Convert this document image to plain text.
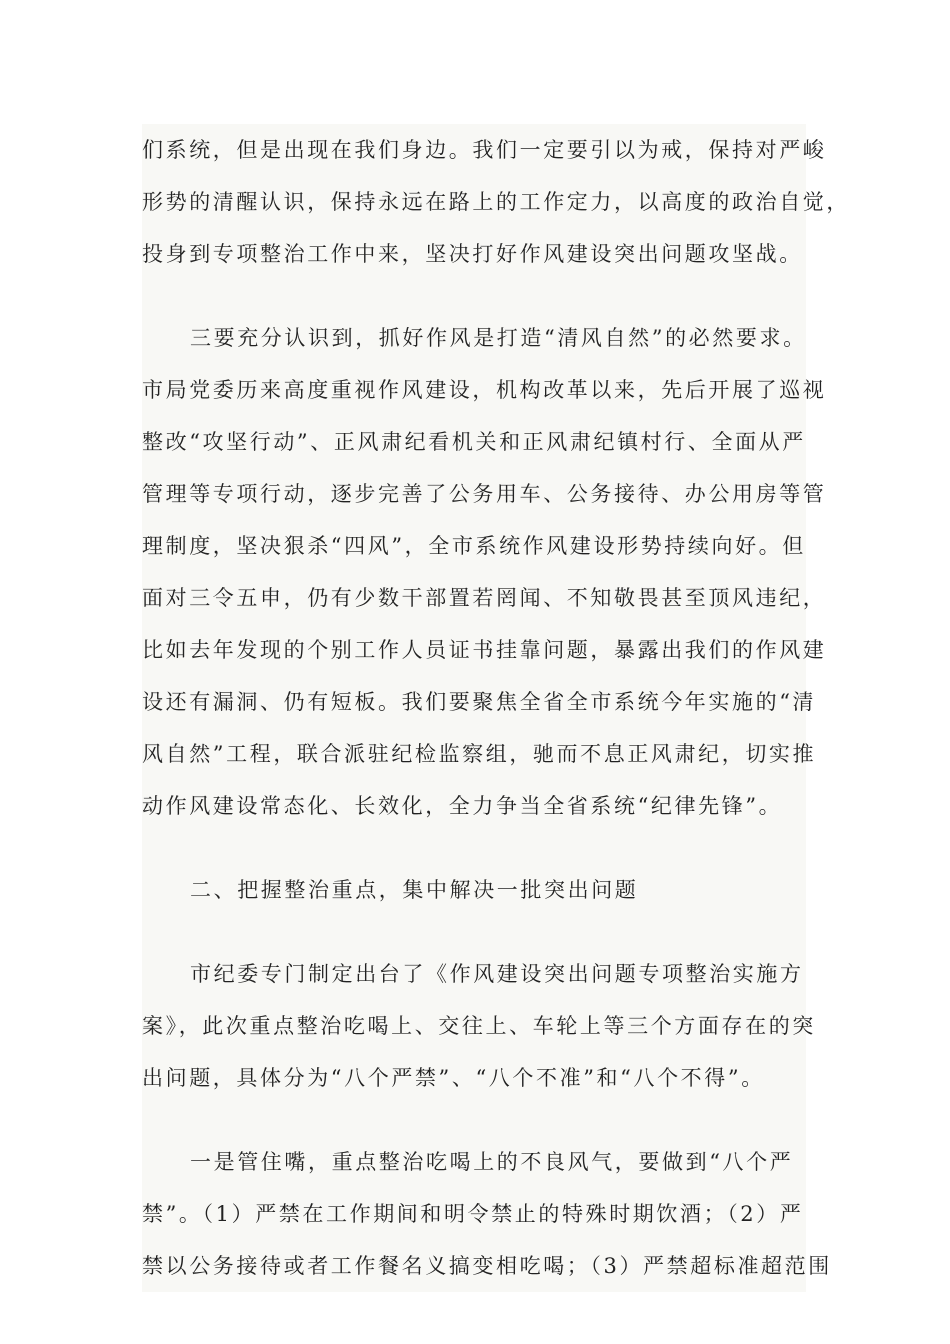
们系统，但是出现在我们身边。我们一定要引以为戒，保持对严峻
形势的清醒认识，保持永远在路上的工作定力，以高度的政治自觉，
投身到专项整治工作中来，坚决打好作风建设突出问题攻坚战。

三要充分认识到，抓好作风是打造“清风自然”的必然要求。
市局党委历来高度重视作风建设，机构改革以来，先后开展了巡视
整改“攻坚行动”、正风肃纪看机关和正风肃纪镇村行、全面从严
管理等专项行动，逐步完善了公务用车、公务接待、办公用房等管
理制度，坚决狠杀“四风”，全市系统作风建设形势持续向好。但
面对三令五申，仍有少数干部置若罔闻、不知敬畏甚至顶风违纪，
比如去年发现的个别工作人员证书挂靠问题，暴露出我们的作风建
设还有漏洞、仍有短板。我们要聚焦全省全市系统今年实施的“清
风自然”工程，联合派驻纪检监察组，驰而不息正风肃纪，切实推
动作风建设常态化、长效化，全力争当全省系统“纪律先锋”。

二、把握整治重点，集中解决一批突出问题

市纪委专门制定出台了《作风建设突出问题专项整治实施方
案》，此次重点整治吃喝上、交往上、车轮上等三个方面存在的突
出问题，具体分为“八个严禁”、“八个不准”和“八个不得”。

一是管住嘴，重点整治吃喝上的不良风气，要做到“八个严
禁”。（1）严禁在工作期间和明令禁止的特殊时期饮酒；（2）严
禁以公务接待或者工作餐名义搞变相吃喝；（3）严禁超标准超范围
